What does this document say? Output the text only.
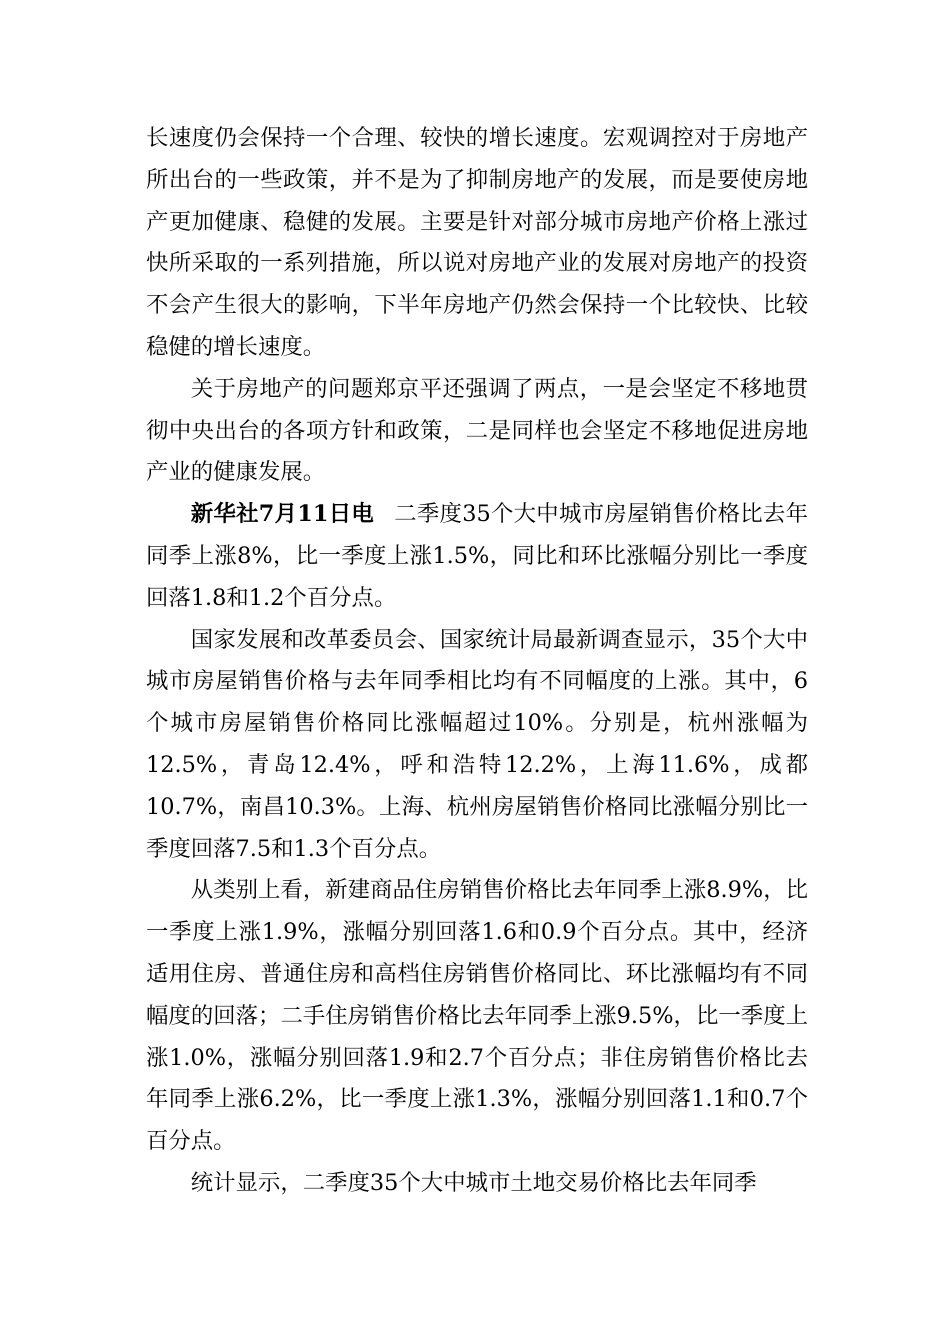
长速度仍会保持一个合理、较快的增长速度。宏观调控对于房地产所出台的一些政策，并不是为了抑制房地产的发展，而是要使房地产更加健康、稳健的发展。主要是针对部分城市房地产价格上涨过快所采取的一系列措施，所以说对房地产业的发展对房地产的投资不会产生很大的影响，下半年房地产仍然会保持一个比较快、比较稳健的增长速度。

关于房地产的问题郑京平还强调了两点，一是会坚定不移地贯彻中央出台的各项方针和政策，二是同样也会坚定不移地促进房地产业的健康发展。

新华社7月11日电 二季度35个大中城市房屋销售价格比去年同季上涨8%，比一季度上涨1.5%，同比和环比涨幅分别比一季度回落1.8和1.2个百分点。

国家发展和改革委员会、国家统计局最新调查显示，35个大中城市房屋销售价格与去年同季相比均有不同幅度的上涨。其中，6个城市房屋销售价格同比涨幅超过10%。分别是，杭州涨幅为12.5%，青岛12.4%，呼和浩特12.2%，上海11.6%，成都10.7%，南昌10.3%。上海、杭州房屋销售价格同比涨幅分别比一季度回落7.5和1.3个百分点。

从类别上看，新建商品住房销售价格比去年同季上涨8.9%，比一季度上涨1.9%，涨幅分别回落1.6和0.9个百分点。其中，经济适用住房、普通住房和高档住房销售价格同比、环比涨幅均有不同幅度的回落；二手住房销售价格比去年同季上涨9.5%，比一季度上涨1.0%，涨幅分别回落1.9和2.7个百分点；非住房销售价格比去年同季上涨6.2%，比一季度上涨1.3%，涨幅分别回落1.1和0.7个百分点。

统计显示，二季度35个大中城市土地交易价格比去年同季
